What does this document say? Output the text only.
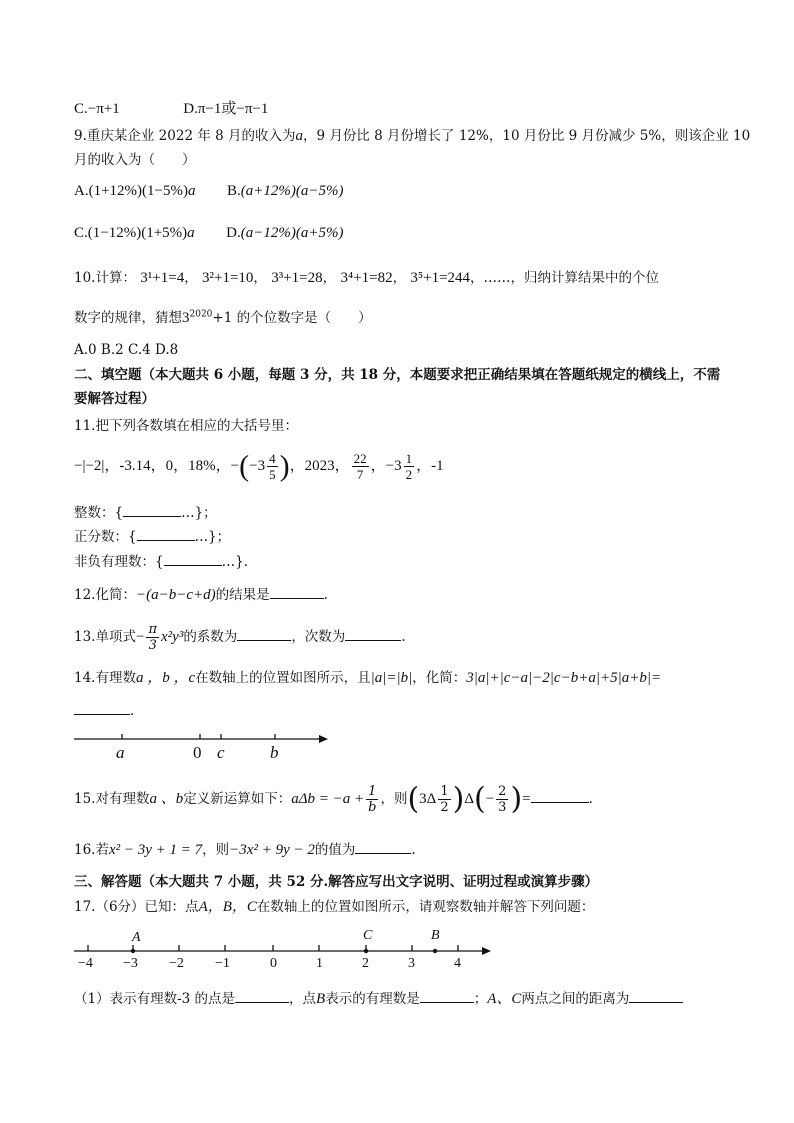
C.−π+1	D.π−1或−π−1
9.重庆某企业 2022 年 8 月的收入为a，9 月份比 8 月份增长了 12%，10 月份比 9 月份减少 5%，则该企业 10
月的收入为（　　）
A.(1+12%)(1−5%)a B.(a+12%)(a−5%)
C.(1−12%)(1+5%)a D.(a−12%)(a+5%)
10.计算： 3¹+1=4， 3²+1=10， 3³+1=28， 3⁴+1=82， 3⁵+1=244，……，归纳计算结果中的个位
数字的规律，猜想$3^{2020}+1$ 的个位数字是（　　）
A.0 B.2 C.4 D.8
二、填空题（本大题共 6 小题，每题 3 分，共 18 分，本题要求把正确结果填在答题纸规定的横线上，不需
要解答过程）
11.把下列各数填在相应的大括号里：
−|−2|，-3.14，0，18%，$-(-3 \frac{4}{5}$ )，2023， $\frac{22}{7}$ ，$-3 \frac{1}{2}$ ，-1
整数：{	…}；
正分数：{	…}；
非负有理数：{	…}.
12.化简：−(a−b−c+d)的结果是	.
13.单项式− $\frac{\pi}{3} x^2y^3$的系数为	，次数为	.
14.有理数a ，b ，c在数轴上的位置如图所示，且|a|=|b|，化简：3|a|+|c−a|−2|c−b+a|+5|a+b|=
.
a	0 c	b
15.对有理数a 、b定义新运算如下：$a\Delta b = -a + \frac{1}{b}$ ，则$(3\Delta \frac{1}{2} )\Delta(- \frac{2}{3}$ )=	.
16.若x² − 3y + 1 = 7，则−3x² + 9y − 2的值为	.
三、解答题（本大题共 7 小题，共 52 分.解答应写出文字说明、证明过程或演算步骤）
17.（6分）已知：点A，B，C在数轴上的位置如图所示，请观察数轴并解答下列问题：
A	C	B
−4 −3 −2 −1	0	1	2	3	4
（1）表示有理数-3 的点是	，点B表示的有理数是	；A、C两点之间的距离为
